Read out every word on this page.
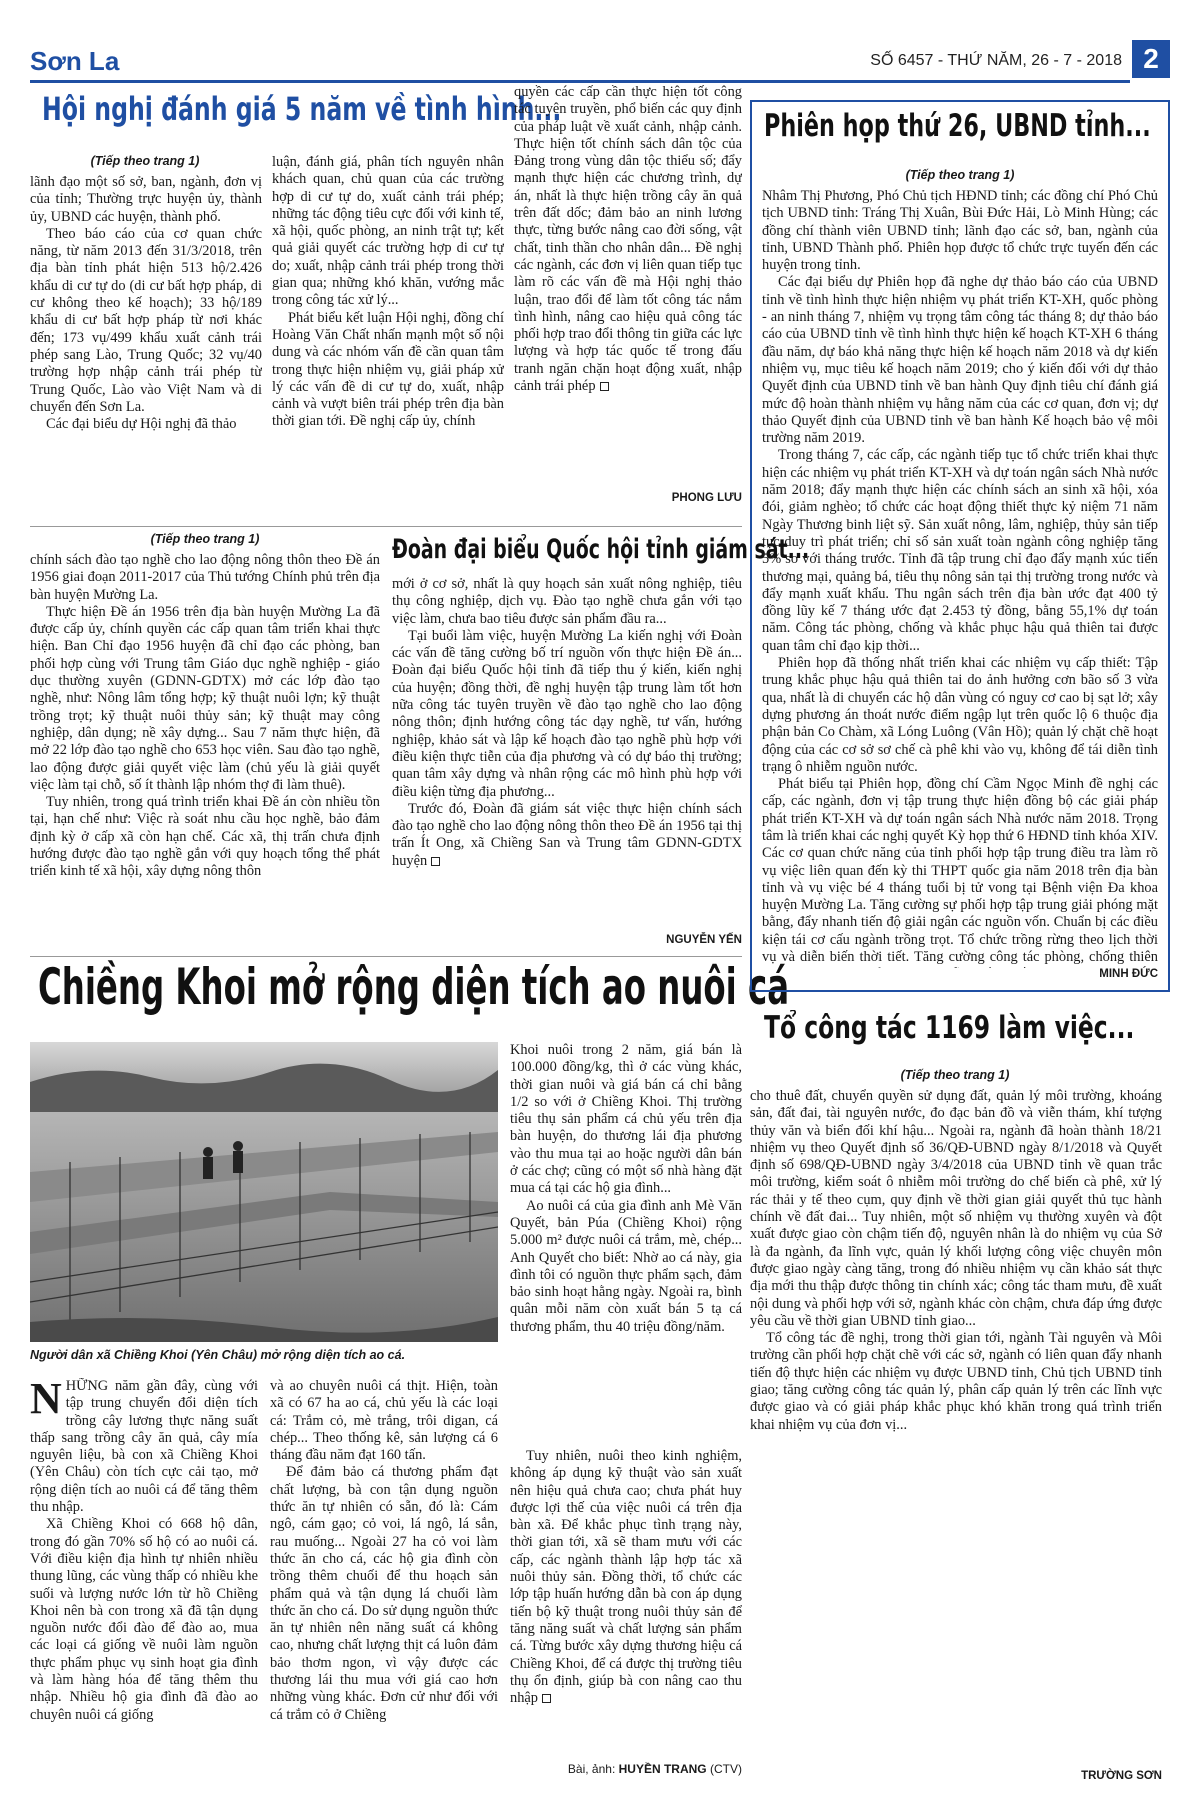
Sơn La	SỐ 6457 - THỨ NĂM, 26 - 7 - 2018 2
Hội nghị đánh giá 5 năm về tình hình...
(Tiếp theo trang 1)

lãnh đạo một số sở, ban, ngành, đơn vị của tỉnh; Thường trực huyện ủy, thành ủy, UBND các huyện, thành phố.

Theo báo cáo của cơ quan chức năng, từ năm 2013 đến 31/3/2018, trên địa bàn tỉnh phát hiện 513 hộ/2.426 khẩu di cư tự do (di cư bất hợp pháp, di cư không theo kế hoạch); 33 hộ/189 khẩu di cư bất hợp pháp từ nơi khác đến; 173 vụ/499 khẩu xuất cảnh trái phép sang Lào, Trung Quốc; 32 vụ/40 trường hợp nhập cảnh trái phép từ Trung Quốc, Lào vào Việt Nam và di chuyển đến Sơn La.

Các đại biểu dự Hội nghị đã thảo

luận, đánh giá, phân tích nguyên nhân khách quan, chủ quan của các trường hợp di cư tự do, xuất cảnh trái phép; những tác động tiêu cực đối với kinh tế, xã hội, quốc phòng, an ninh trật tự; kết quả giải quyết các trường hợp di cư tự do; xuất, nhập cảnh trái phép trong thời gian qua; những khó khăn, vướng mắc trong công tác xử lý...

Phát biểu kết luận Hội nghị, đồng chí Hoàng Văn Chất nhấn mạnh một số nội dung và các nhóm vấn đề cần quan tâm trong thực hiện nhiệm vụ, giải pháp xử lý các vấn đề di cư tự do, xuất, nhập cảnh và vượt biên trái phép trên địa bàn thời gian tới. Đề nghị cấp ủy, chính

quyền các cấp cần thực hiện tốt công tác tuyên truyền, phổ biến các quy định của pháp luật về xuất cảnh, nhập cảnh. Thực hiện tốt chính sách dân tộc của Đảng trong vùng dân tộc thiểu số; đẩy mạnh thực hiện các chương trình, dự án, nhất là thực hiện trồng cây ăn quả trên đất dốc; đảm bảo an ninh lương thực, từng bước nâng cao đời sống, vật chất, tinh thần cho nhân dân... Đề nghị các ngành, các đơn vị liên quan tiếp tục làm rõ các vấn đề mà Hội nghị thảo luận, trao đổi để làm tốt công tác nắm tình hình, nâng cao hiệu quả công tác phối hợp trao đổi thông tin giữa các lực lượng và hợp tác quốc tế trong đấu tranh ngăn chặn hoạt động xuất, nhập cảnh trái phép

PHONG LƯU
(Tiếp theo trang 1)

chính sách đào tạo nghề cho lao động nông thôn theo Đề án 1956 giai đoạn 2011-2017 của Thủ tướng Chính phủ trên địa bàn huyện Mường La.

Thực hiện Đề án 1956 trên địa bàn huyện Mường La đã được cấp ủy, chính quyền các cấp quan tâm triển khai thực hiện. Ban Chỉ đạo 1956 huyện đã chỉ đạo các phòng, ban phối hợp cùng với Trung tâm Giáo dục nghề nghiệp - giáo dục thường xuyên (GDNN-GDTX) mở các lớp đào tạo nghề, như: Nông lâm tổng hợp; kỹ thuật nuôi lợn; kỹ thuật trồng trọt; kỹ thuật nuôi thủy sản; kỹ thuật may công nghiệp, dân dụng; nề xây dựng... Sau 7 năm thực hiện, đã mở 22 lớp đào tạo nghề cho 653 học viên. Sau đào tạo nghề, lao động được giải quyết việc làm (chủ yếu là giải quyết việc làm tại chỗ, số ít thành lập nhóm thợ đi làm thuê).

Tuy nhiên, trong quá trình triển khai Đề án còn nhiều tồn tại, hạn chế như: Việc rà soát nhu cầu học nghề, bảo đảm định kỳ ở cấp xã còn hạn chế. Các xã, thị trấn chưa định hướng được đào tạo nghề gắn với quy hoạch tổng thể phát triển kinh tế xã hội, xây dựng nông thôn

Đoàn đại biểu Quốc hội tỉnh giám sát...

mới ở cơ sở, nhất là quy hoạch sản xuất nông nghiệp, tiêu thụ công nghiệp, dịch vụ. Đào tạo nghề chưa gắn với tạo việc làm, chưa bao tiêu được sản phẩm đầu ra...

Tại buổi làm việc, huyện Mường La kiến nghị với Đoàn các vấn đề tăng cường bố trí nguồn vốn thực hiện Đề án... Đoàn đại biểu Quốc hội tỉnh đã tiếp thu ý kiến, kiến nghị của huyện; đồng thời, đề nghị huyện tập trung làm tốt hơn nữa công tác tuyên truyền về đào tạo nghề cho lao động nông thôn; định hướng công tác dạy nghề, tư vấn, hướng nghiệp, khảo sát và lập kế hoạch đào tạo nghề phù hợp với điều kiện thực tiễn của địa phương và có dự báo thị trường; quan tâm xây dựng và nhân rộng các mô hình phù hợp với điều kiện từng địa phương...

Trước đó, Đoàn đã giám sát việc thực hiện chính sách đào tạo nghề cho lao động nông thôn theo Đề án 1956 tại thị trấn Ít Ong, xã Chiềng San và Trung tâm GDNN-GDTX huyện

NGUYỄN YẾN
Chiềng Khoi mở rộng diện tích ao nuôi cá
Người dân xã Chiềng Khoi (Yên Châu) mở rộng diện tích ao cá.

Khoi nuôi trong 2 năm, giá bán là 100.000 đồng/kg, thì ở các vùng khác, thời gian nuôi và giá bán cá chỉ bằng 1/2 so với ở Chiềng Khoi. Thị trường tiêu thụ sản phẩm cá chủ yếu trên địa bàn huyện, do thương lái địa phương vào thu mua tại ao hoặc người dân bán ở các chợ; cũng có một số nhà hàng đặt mua cá tại các hộ gia đình...

Ao nuôi cá của gia đình anh Mè Văn Quyết, bản Púa (Chiềng Khoi) rộng 5.000 m² được nuôi cá trắm, mè, chép... Anh Quyết cho biết: Nhờ ao cá này, gia đình tôi có nguồn thực phẩm sạch, đảm bảo sinh hoạt hằng ngày. Ngoài ra, bình quân mỗi năm còn xuất bán 5 tạ cá thương phẩm, thu 40 triệu đồng/năm.

NHỮNG năm gần đây, cùng với tập trung chuyển đổi diện tích trồng cây lương thực năng suất thấp sang trồng cây ăn quả, cây mía nguyên liệu, bà con xã Chiềng Khoi (Yên Châu) còn tích cực cải tạo, mở rộng diện tích ao nuôi cá để tăng thêm thu nhập.

Xã Chiềng Khoi có 668 hộ dân, trong đó gần 70% số hộ có ao nuôi cá. Với điều kiện địa hình tự nhiên nhiều thung lũng, các vùng thấp có nhiều khe suối và lượng nước lớn từ hồ Chiềng Khoi nên bà con trong xã đã tận dụng nguồn nước đổi đào để đào ao, mua các loại cá giống về nuôi làm nguồn thực phẩm phục vụ sinh hoạt gia đình và làm hàng hóa để tăng thêm thu nhập. Nhiều hộ gia đình đã đào ao chuyên nuôi cá giống

và ao chuyên nuôi cá thịt. Hiện, toàn xã có 67 ha ao cá, chủ yếu là các loại cá: Trắm cỏ, mè trắng, trôi digan, cá chép... Theo thống kê, sản lượng cá 6 tháng đầu năm đạt 160 tấn.

Để đảm bảo cá thương phẩm đạt chất lượng, bà con tận dụng nguồn thức ăn tự nhiên có sẵn, đó là: Cám ngô, cám gạo; cỏ voi, lá ngô, lá sắn, rau muống... Ngoài 27 ha cỏ voi làm thức ăn cho cá, các hộ gia đình còn trồng thêm chuối để thu hoạch sản phẩm quả và tận dụng lá chuối làm thức ăn cho cá. Do sử dụng nguồn thức ăn tự nhiên nên năng suất cá không cao, nhưng chất lượng thịt cá luôn đảm bảo thơm ngon, vì vậy được các thương lái thu mua với giá cao hơn những vùng khác. Đơn cử như đối với cá trắm cỏ ở Chiềng

Tuy nhiên, nuôi theo kinh nghiệm, không áp dụng kỹ thuật vào sản xuất nên hiệu quả chưa cao; chưa phát huy được lợi thế của việc nuôi cá trên địa bàn xã. Để khắc phục tình trạng này, thời gian tới, xã sẽ tham mưu với các cấp, các ngành thành lập hợp tác xã nuôi thủy sản. Đồng thời, tổ chức các lớp tập huấn hướng dẫn bà con áp dụng tiến bộ kỹ thuật trong nuôi thủy sản để tăng năng suất và chất lượng sản phẩm cá. Từng bước xây dựng thương hiệu cá Chiềng Khoi, để cá được thị trường tiêu thụ ổn định, giúp bà con nâng cao thu nhập

Bài, ảnh: HUYỀN TRANG (CTV)
Phiên họp thứ 26, UBND tỉnh...
(Tiếp theo trang 1)

Nhâm Thị Phương, Phó Chủ tịch HĐND tỉnh; các đồng chí Phó Chủ tịch UBND tỉnh: Tráng Thị Xuân, Bùi Đức Hải, Lò Minh Hùng; các đồng chí thành viên UBND tỉnh; lãnh đạo các sở, ban, ngành của tỉnh, UBND Thành phố. Phiên họp được tổ chức trực tuyến đến các huyện trong tỉnh.

Các đại biểu dự Phiên họp đã nghe dự thảo báo cáo của UBND tỉnh về tình hình thực hiện nhiệm vụ phát triển KT-XH, quốc phòng - an ninh tháng 7, nhiệm vụ trọng tâm công tác tháng 8; dự thảo báo cáo của UBND tỉnh về tình hình thực hiện kế hoạch KT-XH 6 tháng đầu năm, dự báo khả năng thực hiện kế hoạch năm 2018 và dự kiến nhiệm vụ, mục tiêu kế hoạch năm 2019; cho ý kiến đối với dự thảo Quyết định của UBND tỉnh về ban hành Quy định tiêu chí đánh giá mức độ hoàn thành nhiệm vụ hằng năm của các cơ quan, đơn vị; dự thảo Quyết định của UBND tỉnh về ban hành Kế hoạch bảo vệ môi trường năm 2019.

Trong tháng 7, các cấp, các ngành tiếp tục tổ chức triển khai thực hiện các nhiệm vụ phát triển KT-XH và dự toán ngân sách Nhà nước năm 2018; đẩy mạnh thực hiện các chính sách an sinh xã hội, xóa đói, giảm nghèo; tổ chức các hoạt động thiết thực kỷ niệm 71 năm Ngày Thương binh liệt sỹ. Sản xuất nông, lâm, nghiệp, thủy sản tiếp tục duy trì phát triển; chỉ số sản xuất toàn ngành công nghiệp tăng 5% so với tháng trước. Tỉnh đã tập trung chỉ đạo đẩy mạnh xúc tiến thương mại, quảng bá, tiêu thụ nông sản tại thị trường trong nước và đẩy mạnh xuất khẩu. Thu ngân sách trên địa bàn ước đạt 400 tỷ đồng lũy kế 7 tháng ước đạt 2.453 tỷ đồng, bằng 55,1% dự toán năm. Công tác phòng, chống và khắc phục hậu quả thiên tai được quan tâm chỉ đạo kịp thời...

Phiên họp đã thống nhất triển khai các nhiệm vụ cấp thiết: Tập trung khắc phục hậu quả thiên tai do ảnh hưởng cơn bão số 3 vừa qua, nhất là di chuyển các hộ dân vùng có nguy cơ cao bị sạt lở; xây dựng phương án thoát nước điểm ngập lụt trên quốc lộ 6 thuộc địa phận bản Co Chàm, xã Lóng Luông (Vân Hồ); quản lý chặt chẽ hoạt động của các cơ sở sơ chế cà phê khi vào vụ, không để tái diễn tình trạng ô nhiễm nguồn nước.

Phát biểu tại Phiên họp, đồng chí Cầm Ngọc Minh đề nghị các cấp, các ngành, đơn vị tập trung thực hiện đồng bộ các giải pháp phát triển KT-XH và dự toán ngân sách Nhà nước năm 2018. Trọng tâm là triển khai các nghị quyết Kỳ họp thứ 6 HĐND tỉnh khóa XIV. Các cơ quan chức năng của tỉnh phối hợp tập trung điều tra làm rõ vụ việc liên quan đến kỳ thi THPT quốc gia năm 2018 trên địa bàn tỉnh và vụ việc bé 4 tháng tuổi bị tử vong tại Bệnh viện Đa khoa huyện Mường La. Tăng cường sự phối hợp tập trung giải phóng mặt bằng, đẩy nhanh tiến độ giải ngân các nguồn vốn. Chuẩn bị các điều kiện tái cơ cấu ngành trồng trọt. Tổ chức trồng rừng theo lịch thời vụ và diễn biến thời tiết. Tăng cường công tác phòng, chống thiên

MINH ĐỨC
Tổ công tác 1169 làm việc...
(Tiếp theo trang 1)

cho thuê đất, chuyển quyền sử dụng đất, quản lý môi trường, khoáng sản, đất đai, tài nguyên nước, đo đạc bản đồ và viễn thám, khí tượng thủy văn và biển đối khí hậu... Ngoài ra, ngành đã hoàn thành 18/21 nhiệm vụ theo Quyết định số 36/QĐ-UBND ngày 8/1/2018 và Quyết định số 698/QĐ-UBND ngày 3/4/2018 của UBND tỉnh về quan trắc môi trường, kiểm soát ô nhiễm môi trường do chế biến cà phê, xử lý rác thải y tế theo cụm, quy định về thời gian giải quyết thủ tục hành chính về đất đai... Tuy nhiên, một số nhiệm vụ thường xuyên và đột xuất được giao còn chậm tiến độ, nguyên nhân là do nhiệm vụ của Sở là đa ngành, đa lĩnh vực, quản lý khối lượng công việc chuyên môn được giao ngày càng tăng, trong đó nhiều nhiệm vụ cần khảo sát thực địa mới thu thập được thông tin chính xác; công tác tham mưu, đề xuất nội dung và phối hợp với sở, ngành khác còn chậm, chưa đáp ứng được yêu cầu về thời gian UBND tỉnh giao...

Tổ công tác đề nghị, trong thời gian tới, ngành Tài nguyên và Môi trường cần phối hợp chặt chẽ với các sở, ngành có liên quan đẩy nhanh tiến độ thực hiện các nhiệm vụ được UBND tỉnh, Chủ tịch UBND tỉnh giao; tăng cường công tác quản lý, phân cấp quản lý trên các lĩnh vực được giao và có giải pháp khắc phục khó khăn trong quá trình triển khai nhiệm vụ của đơn vị...

TRƯỜNG SƠN
